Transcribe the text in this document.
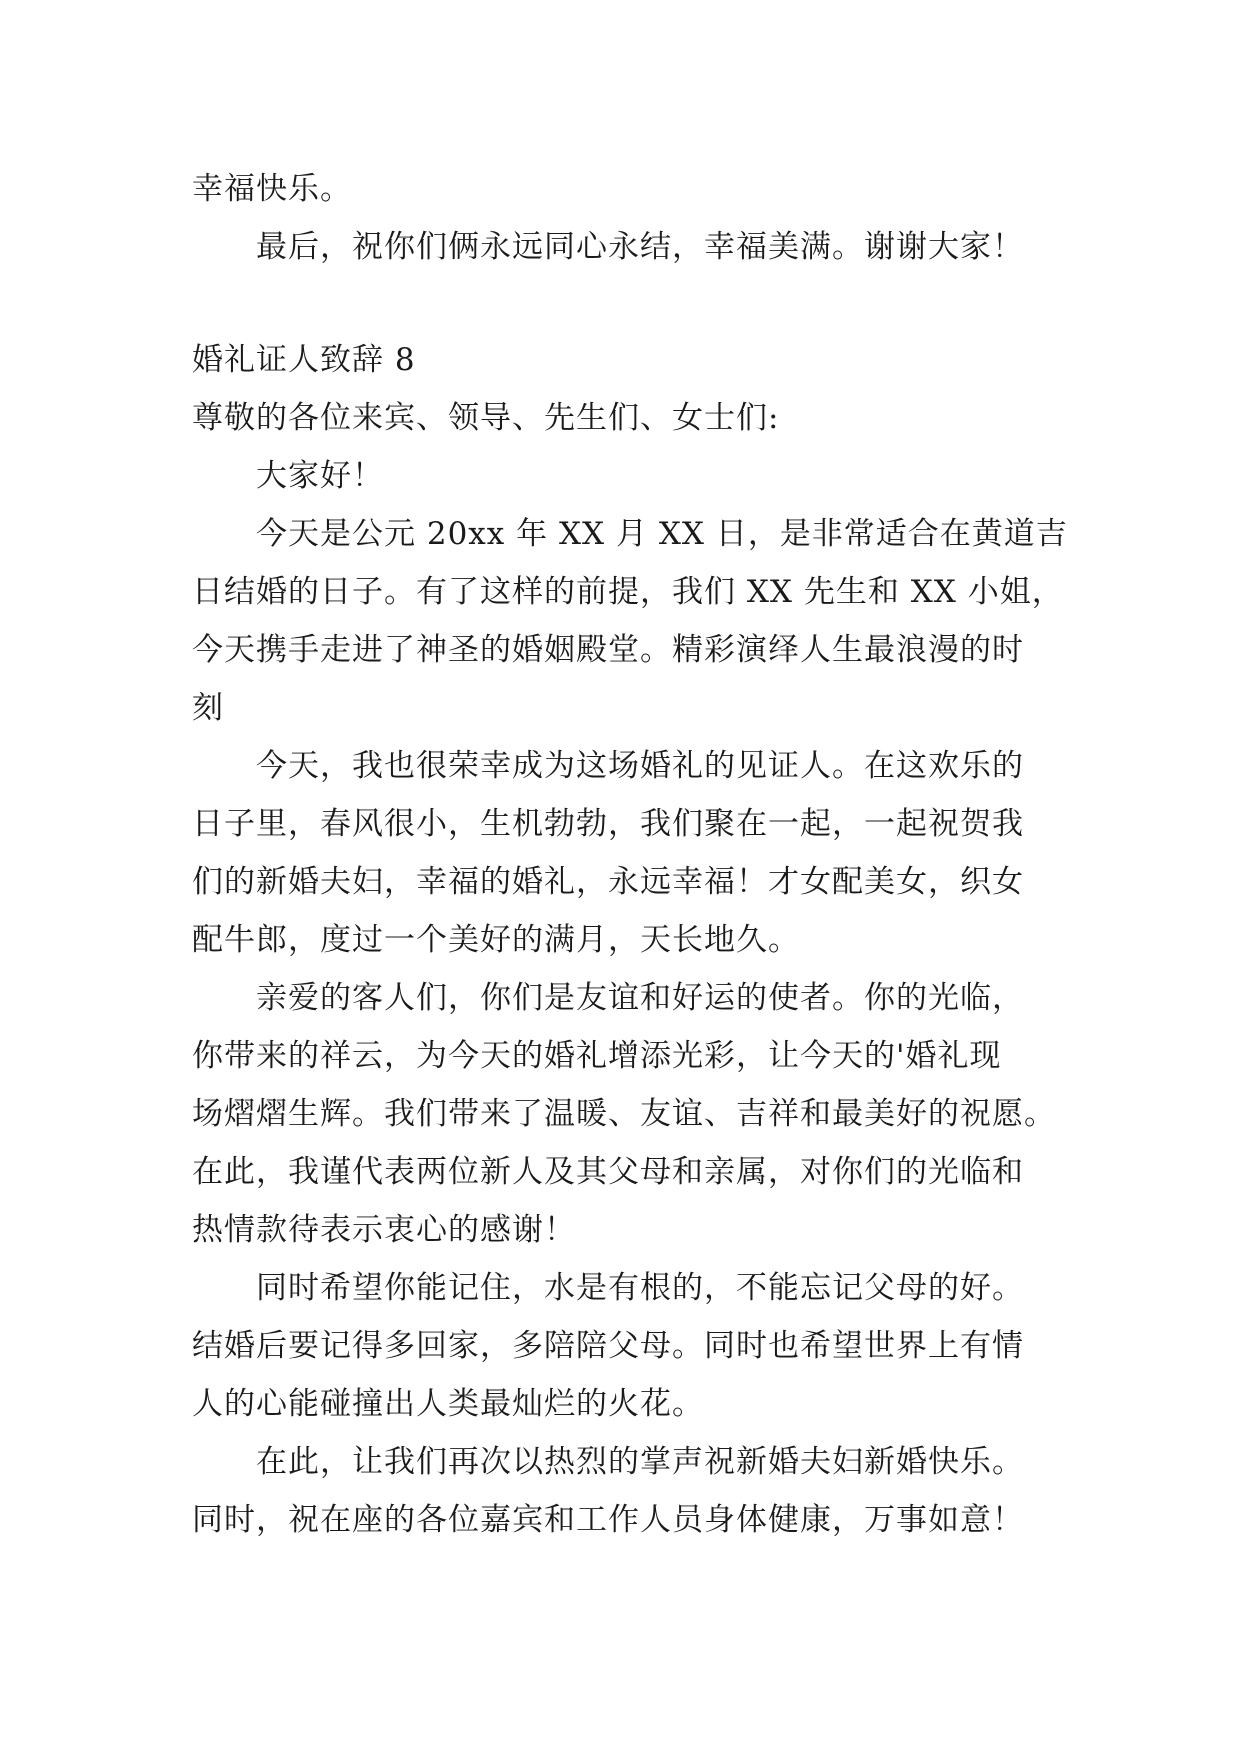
幸福快乐。
最后，祝你们俩永远同心永结，幸福美满。谢谢大家！
婚礼证人致辞 8
尊敬的各位来宾、领导、先生们、女士们:
大家好！
今天是公元 20xx 年 XX 月 XX 日，是非常适合在黄道吉
日结婚的日子。有了这样的前提，我们 XX 先生和 XX 小姐，
今天携手走进了神圣的婚姻殿堂。精彩演绎人生最浪漫的时
刻
今天，我也很荣幸成为这场婚礼的见证人。在这欢乐的
日子里，春风很小，生机勃勃，我们聚在一起，一起祝贺我
们的新婚夫妇，幸福的婚礼，永远幸福！才女配美女，织女
配牛郎，度过一个美好的满月，天长地久。
亲爱的客人们，你们是友谊和好运的使者。你的光临，
你带来的祥云，为今天的婚礼增添光彩，让今天的'婚礼现
场熠熠生辉。我们带来了温暖、友谊、吉祥和最美好的祝愿。
在此，我谨代表两位新人及其父母和亲属，对你们的光临和
热情款待表示衷心的感谢！
同时希望你能记住，水是有根的，不能忘记父母的好。
结婚后要记得多回家，多陪陪父母。同时也希望世界上有情
人的心能碰撞出人类最灿烂的火花。
在此，让我们再次以热烈的掌声祝新婚夫妇新婚快乐。
同时，祝在座的各位嘉宾和工作人员身体健康，万事如意！
